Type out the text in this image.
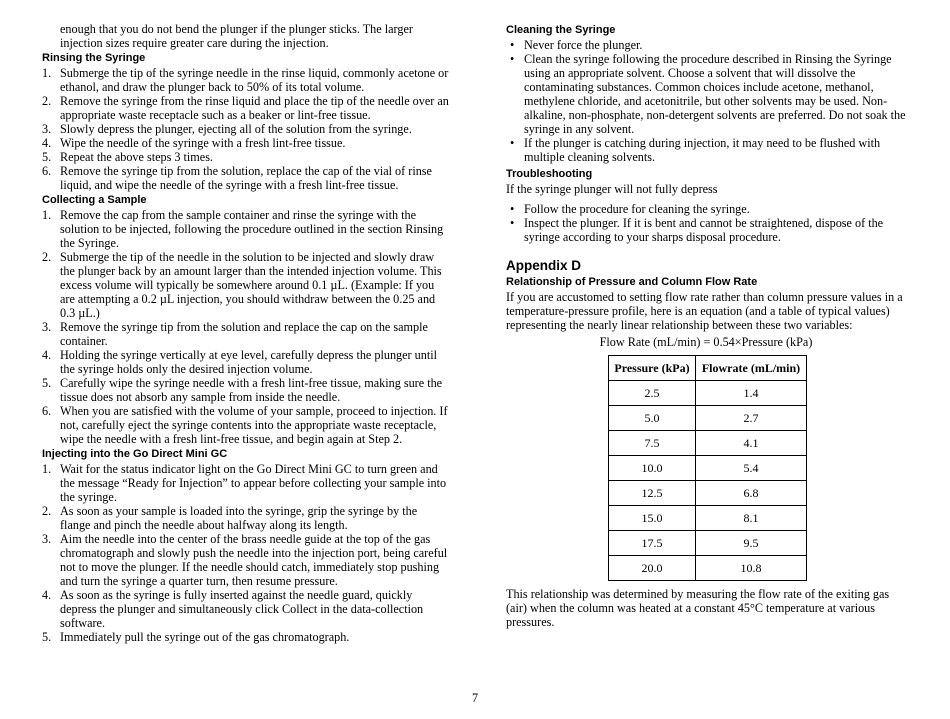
enough that you do not bend the plunger if the plunger sticks. The larger injection sizes require greater care during the injection.

Rinsing the Syringe
1. Submerge the tip of the syringe needle in the rinse liquid, commonly acetone or ethanol, and draw the plunger back to 50% of its total volume.
2. Remove the syringe from the rinse liquid and place the tip of the needle over an appropriate waste receptacle such as a beaker or lint-free tissue.
3. Slowly depress the plunger, ejecting all of the solution from the syringe.
4. Wipe the needle of the syringe with a fresh lint-free tissue.
5. Repeat the above steps 3 times.
6. Remove the syringe tip from the solution, replace the cap of the vial of rinse liquid, and wipe the needle of the syringe with a fresh lint-free tissue.
Collecting a Sample
1. Remove the cap from the sample container and rinse the syringe with the solution to be injected, following the procedure outlined in the section Rinsing the Syringe.
2. Submerge the tip of the needle in the solution to be injected and slowly draw the plunger back by an amount larger than the intended injection volume. This excess volume will typically be somewhere around 0.1 µL. (Example: If you are attempting a 0.2 µL injection, you should withdraw between the 0.25 and 0.3 µL.)
3. Remove the syringe tip from the solution and replace the cap on the sample container.
4. Holding the syringe vertically at eye level, carefully depress the plunger until the syringe holds only the desired injection volume.
5. Carefully wipe the syringe needle with a fresh lint-free tissue, making sure the tissue does not absorb any sample from inside the needle.
6. When you are satisfied with the volume of your sample, proceed to injection. If not, carefully eject the syringe contents into the appropriate waste receptacle, wipe the needle with a fresh lint-free tissue, and begin again at Step 2.
Injecting into the Go Direct Mini GC
1. Wait for the status indicator light on the Go Direct Mini GC to turn green and the message “Ready for Injection” to appear before collecting your sample into the syringe.
2. As soon as your sample is loaded into the syringe, grip the syringe by the flange and pinch the needle about halfway along its length.
3. Aim the needle into the center of the brass needle guide at the top of the gas chromatograph and slowly push the needle into the injection port, being careful not to move the plunger. If the needle should catch, immediately stop pushing and turn the syringe a quarter turn, then resume pressure.
4. As soon as the syringe is fully inserted against the needle guard, quickly depress the plunger and simultaneously click Collect in the data-collection software.
5. Immediately pull the syringe out of the gas chromatograph.
Cleaning the Syringe
• Never force the plunger.
• Clean the syringe following the procedure described in Rinsing the Syringe using an appropriate solvent. Choose a solvent that will dissolve the contaminating substances. Common choices include acetone, methanol, methylene chloride, and acetonitrile, but other solvents may be used. Non-alkaline, non-phosphate, non-detergent solvents are preferred. Do not soak the syringe in any solvent.
• If the plunger is catching during injection, it may need to be flushed with multiple cleaning solvents.
Troubleshooting

If the syringe plunger will not fully depress

• Follow the procedure for cleaning the syringe.
• Inspect the plunger. If it is bent and cannot be straightened, dispose of the syringe according to your sharps disposal procedure.
Appendix D
Relationship of Pressure and Column Flow Rate

If you are accustomed to setting flow rate rather than column pressure values in a temperature-pressure profile, here is an equation (and a table of typical values) representing the nearly linear relationship between these two variables:

Flow Rate (mL/min) = 0.54×Pressure (kPa)

Pressure (kPa)	Flowrate (mL/min)
2.5	1.4
5.0	2.7
7.5	4.1
10.0	5.4
12.5	6.8
15.0	8.1
17.5	9.5
20.0	10.8

This relationship was determined by measuring the flow rate of the exiting gas (air) when the column was heated at a constant 45°C temperature at various pressures.

7
